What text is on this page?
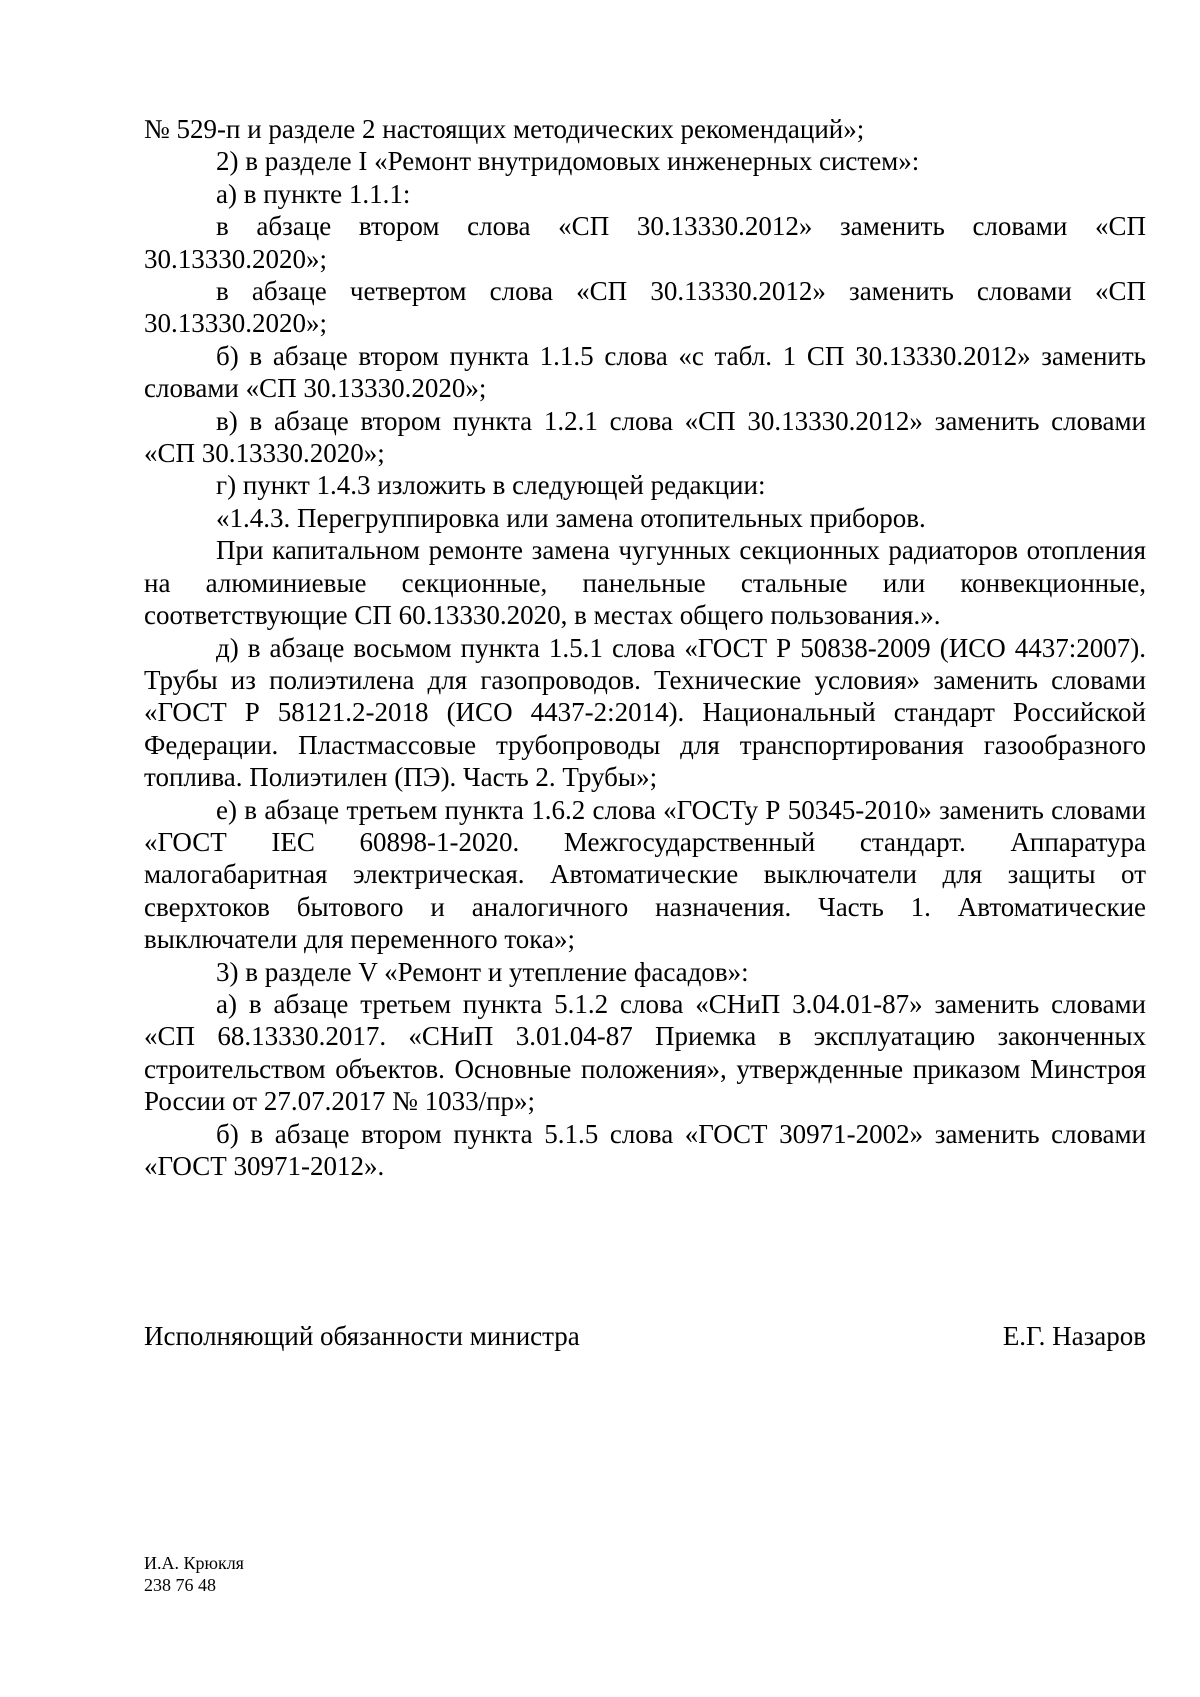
№ 529-п и разделе 2 настоящих методических рекомендаций»;

2) в разделе I «Ремонт внутридомовых инженерных систем»:

а) в пункте 1.1.1:

в абзаце втором слова «СП 30.13330.2012» заменить словами «СП 30.13330.2020»;

в абзаце четвертом слова «СП 30.13330.2012» заменить словами «СП 30.13330.2020»;

б) в абзаце втором пункта 1.1.5 слова «с табл. 1 СП 30.13330.2012» заменить словами «СП 30.13330.2020»;

в) в абзаце втором пункта 1.2.1 слова «СП 30.13330.2012» заменить словами «СП 30.13330.2020»;

г) пункт 1.4.3 изложить в следующей редакции:

«1.4.3. Перегруппировка или замена отопительных приборов.

При капитальном ремонте замена чугунных секционных радиаторов отопления на алюминиевые секционные, панельные стальные или конвекционные, соответствующие СП 60.13330.2020, в местах общего пользования.».

д) в абзаце восьмом пункта 1.5.1 слова «ГОСТ Р 50838-2009 (ИСО 4437:2007). Трубы из полиэтилена для газопроводов. Технические условия» заменить словами «ГОСТ Р 58121.2-2018 (ИСО 4437-2:2014). Национальный стандарт Российской Федерации. Пластмассовые трубопроводы для транспортирования газообразного топлива. Полиэтилен (ПЭ). Часть 2. Трубы»;

е) в абзаце третьем пункта 1.6.2 слова «ГОСТу Р 50345-2010» заменить словами «ГОСТ IEC 60898-1-2020. Межгосударственный стандарт. Аппаратура малогабаритная электрическая. Автоматические выключатели для защиты от сверхтоков бытового и аналогичного назначения. Часть 1. Автоматические выключатели для переменного тока»;

3) в разделе V «Ремонт и утепление фасадов»:

а) в абзаце третьем пункта 5.1.2 слова «СНиП 3.04.01-87» заменить словами «СП 68.13330.2017. «СНиП 3.01.04-87 Приемка в эксплуатацию законченных строительством объектов. Основные положения», утвержденные приказом Минстроя России от 27.07.2017 № 1033/пр»;

б) в абзаце втором пункта 5.1.5 слова «ГОСТ 30971-2002» заменить словами «ГОСТ 30971-2012».

Исполняющий обязанности министра	Е.Г. Назаров
И.А. Крюкля
238 76 48
